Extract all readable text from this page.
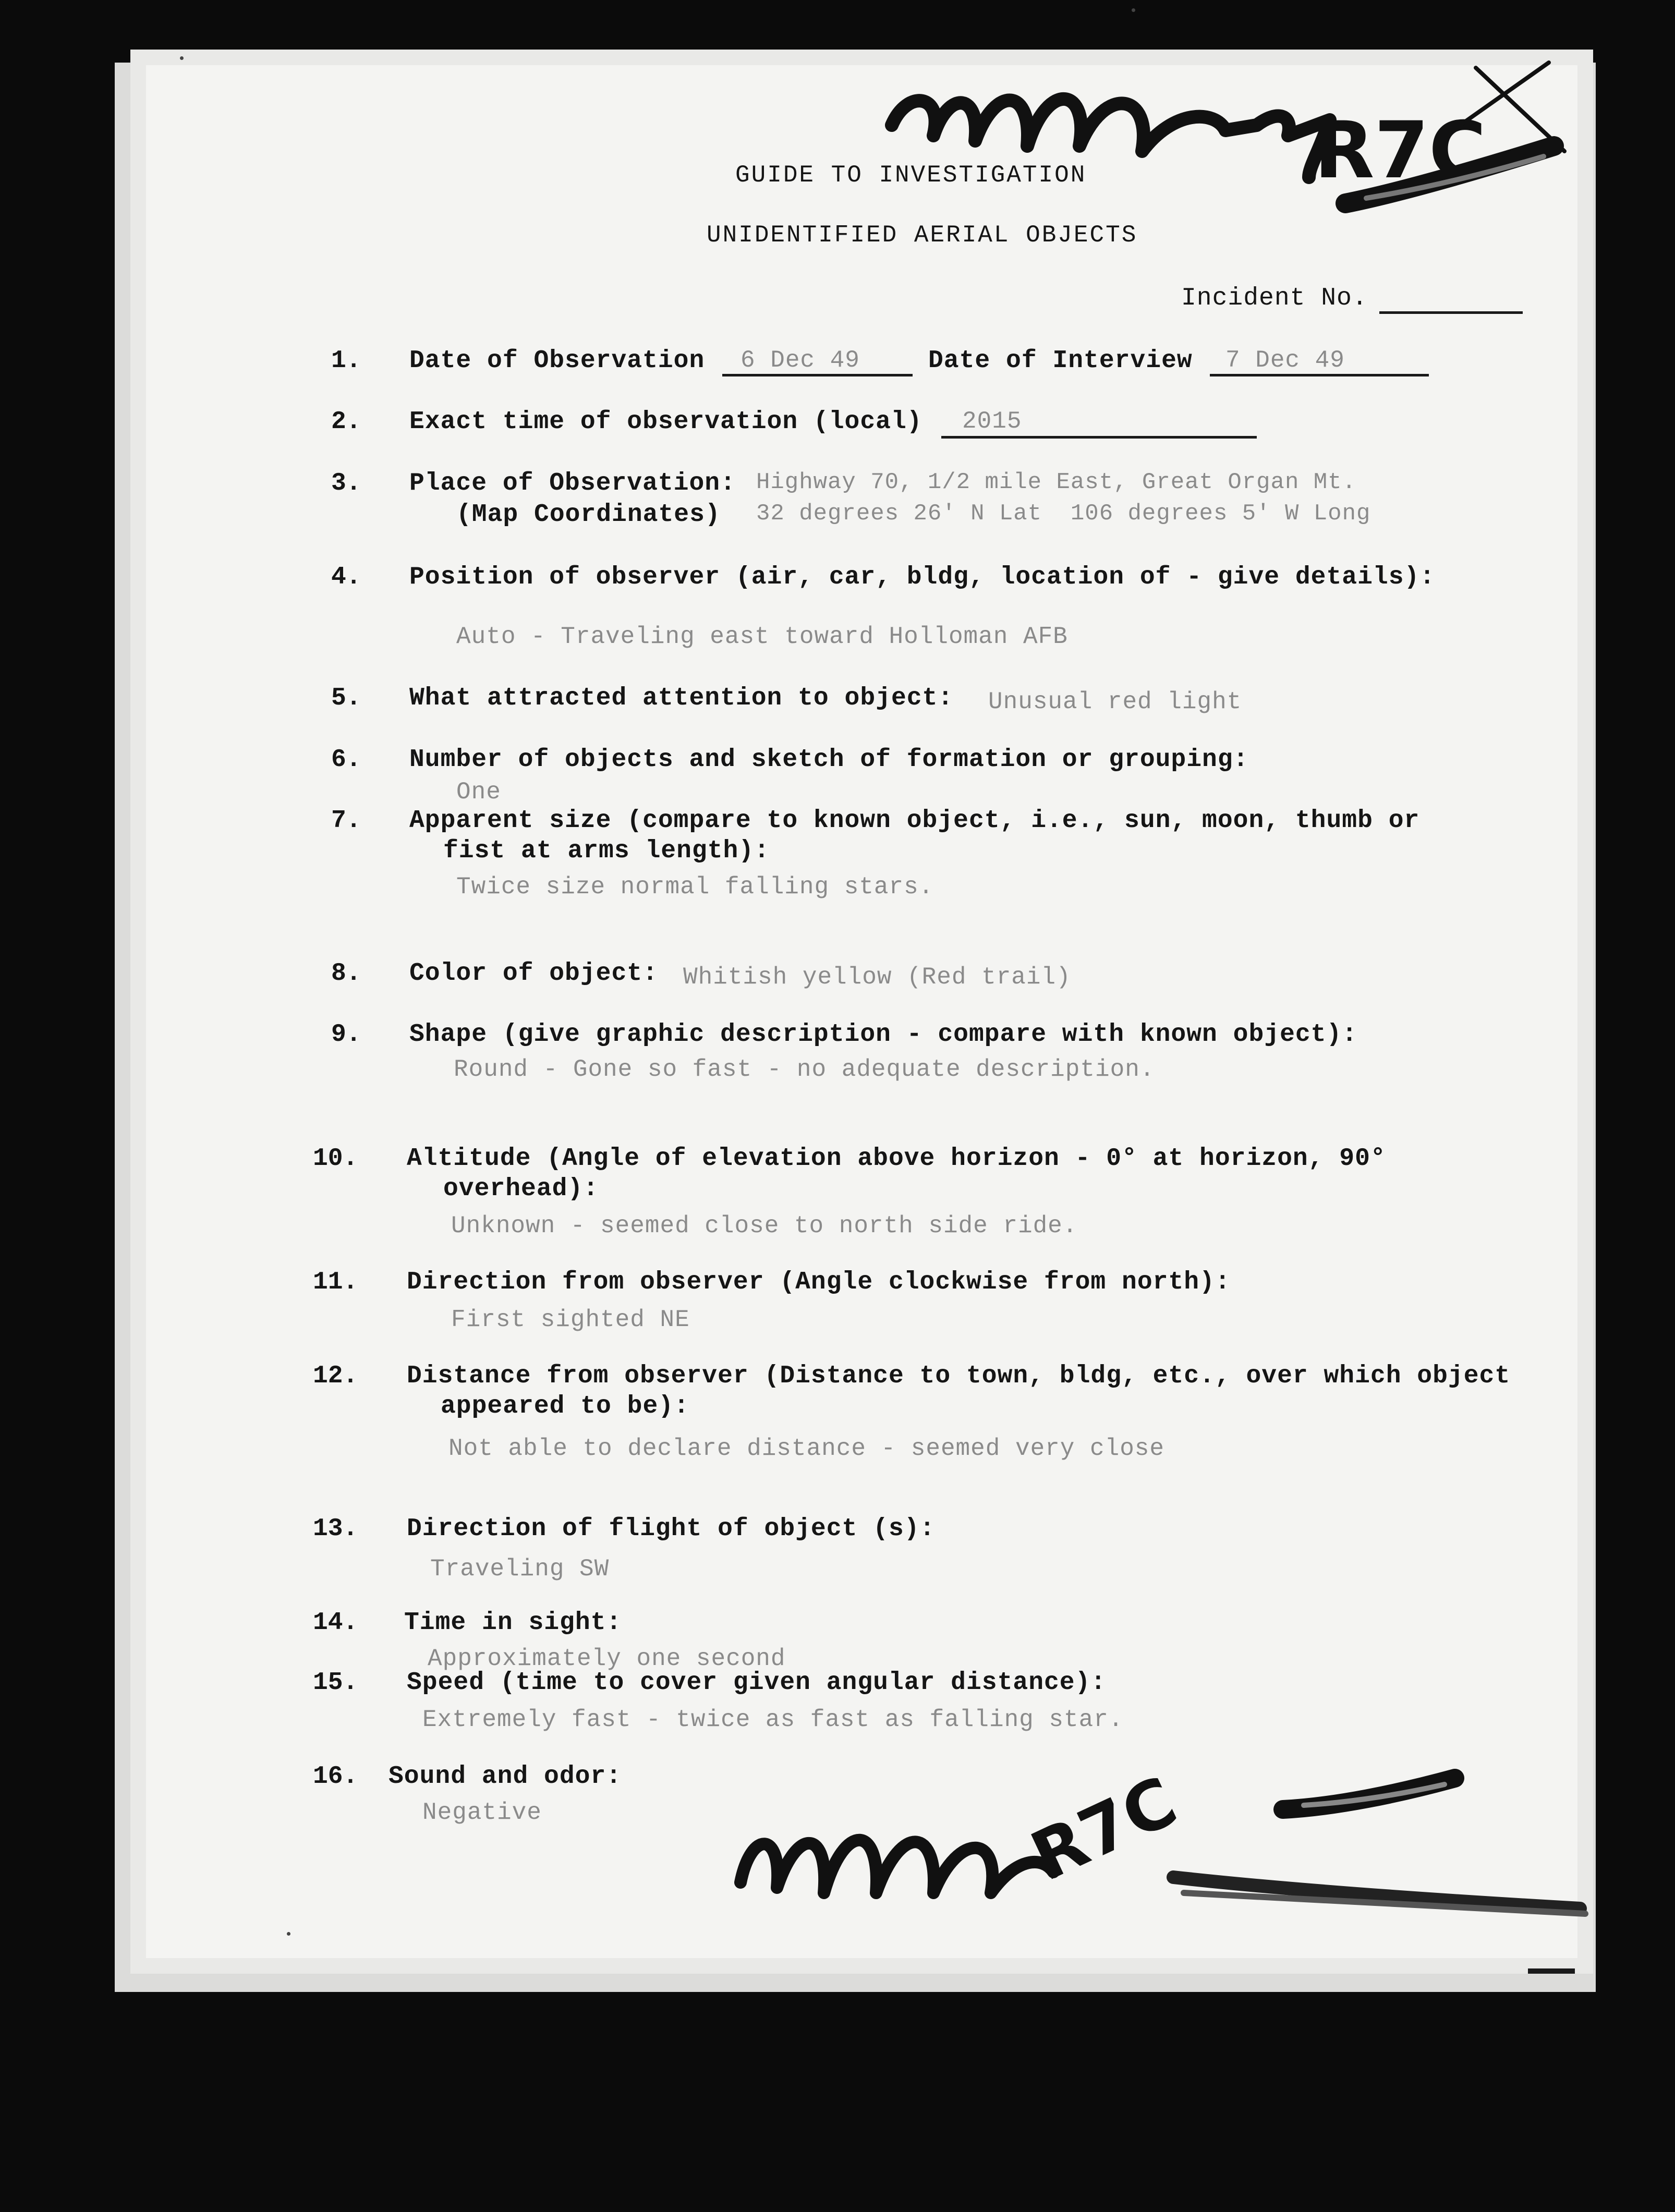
R7C
R7C
GUIDE TO INVESTIGATION
UNIDENTIFIED AERIAL OBJECTS
Incident No.
1. Date of Observation 6 Dec 49	Date of Interview 7 Dec 49
2. Exact time of observation (local) 2015
3. Place of Observation: Highway 70, 1/2 mile East, Great Organ Mt.
(Map Coordinates) 32 degrees 26' N Lat  106 degrees 5' W Long
4. Position of observer (air, car, bldg, location of - give details):
Auto - Traveling east toward Holloman AFB
5. What attracted attention to object: Unusual red light
6. Number of objects and sketch of formation or grouping:
One
7. Apparent size (compare to known object, i.e., sun, moon, thumb or
fist at arms length):
Twice size normal falling stars.
8. Color of object: Whitish yellow (Red trail)
9. Shape (give graphic description - compare with known object):
Round - Gone so fast - no adequate description.
10. Altitude (Angle of elevation above horizon - 0° at horizon, 90°
overhead):
Unknown - seemed close to north side ride.
11. Direction from observer (Angle clockwise from north):
First sighted NE
12. Distance from observer (Distance to town, bldg, etc., over which object
appeared to be):
Not able to declare distance - seemed very close
13. Direction of flight of object (s):
Traveling SW
14. Time in sight:
Approximately one second
15. Speed (time to cover given angular distance):
Extremely fast - twice as fast as falling star.
16. Sound and odor:
Negative
